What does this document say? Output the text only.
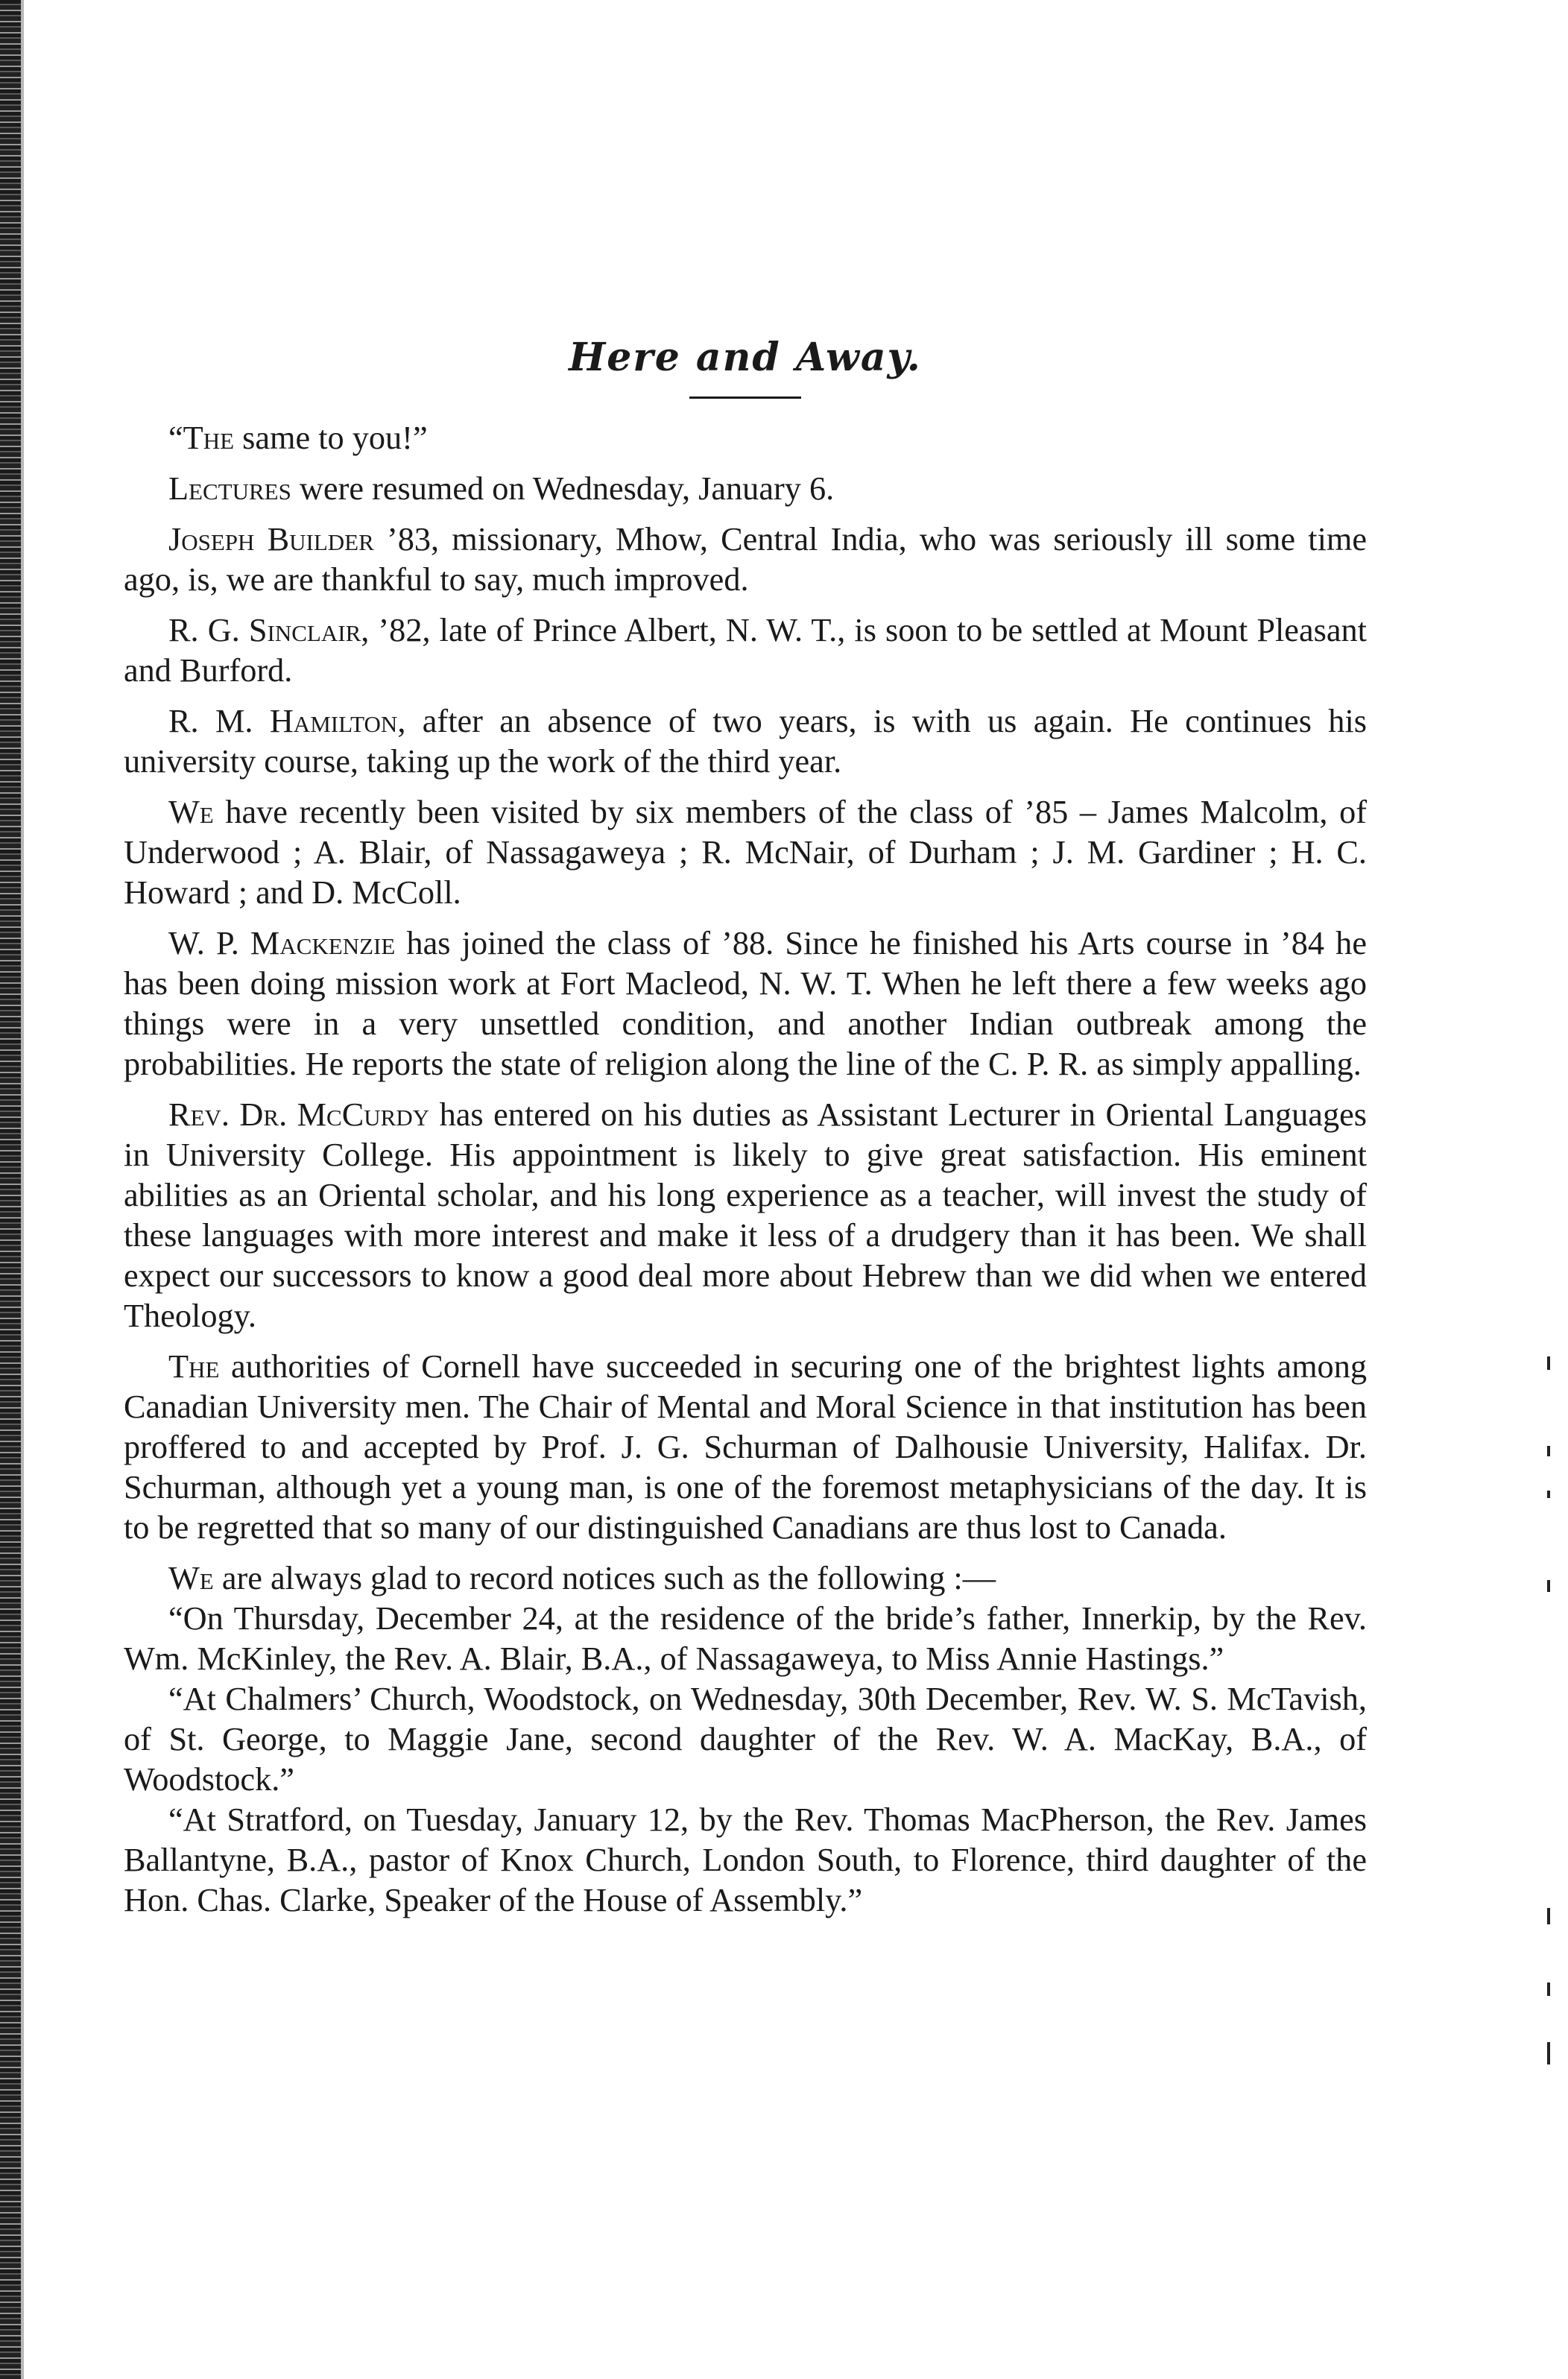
Here and Away.

“The same to you!”

Lectures were resumed on Wednesday, January 6.

Joseph Builder ’83, missionary, Mhow, Central India, who was seriously ill some time ago, is, we are thankful to say, much improved.

R. G. Sinclair, ’82, late of Prince Albert, N. W. T., is soon to be settled at Mount Pleasant and Burford.

R. M. Hamilton, after an absence of two years, is with us again. He continues his university course, taking up the work of the third year.

We have recently been visited by six members of the class of ’85 – James Malcolm, of Underwood ; A. Blair, of Nassagaweya ; R. McNair, of Durham ; J. M. Gardiner ; H. C. Howard ; and D. McColl.

W. P. Mackenzie has joined the class of ’88. Since he finished his Arts course in ’84 he has been doing mission work at Fort Macleod, N. W. T. When he left there a few weeks ago things were in a very unsettled condition, and another Indian outbreak among the probabilities. He reports the state of religion along the line of the C. P. R. as simply appalling.

Rev. Dr. McCurdy has entered on his duties as Assistant Lecturer in Oriental Languages in University College. His appointment is likely to give great satisfaction. His eminent abilities as an Oriental scholar, and his long experience as a teacher, will invest the study of these languages with more interest and make it less of a drudgery than it has been. We shall expect our successors to know a good deal more about Hebrew than we did when we entered Theology.

The authorities of Cornell have succeeded in securing one of the brightest lights among Canadian University men. The Chair of Mental and Moral Science in that institution has been proffered to and accepted by Prof. J. G. Schurman of Dalhousie University, Halifax. Dr. Schurman, although yet a young man, is one of the foremost metaphysicians of the day. It is to be regretted that so many of our distinguished Canadians are thus lost to Canada.

We are always glad to record notices such as the following :—

“On Thursday, December 24, at the residence of the bride’s father, Innerkip, by the Rev. Wm. McKinley, the Rev. A. Blair, B.A., of Nassagaweya, to Miss Annie Hastings.”

“At Chalmers’ Church, Woodstock, on Wednesday, 30th December, Rev. W. S. McTavish, of St. George, to Maggie Jane, second daughter of the Rev. W. A. MacKay, B.A., of Woodstock.”

“At Stratford, on Tuesday, January 12, by the Rev. Thomas MacPherson, the Rev. James Ballantyne, B.A., pastor of Knox Church, London South, to Florence, third daughter of the Hon. Chas. Clarke, Speaker of the House of Assembly.”
